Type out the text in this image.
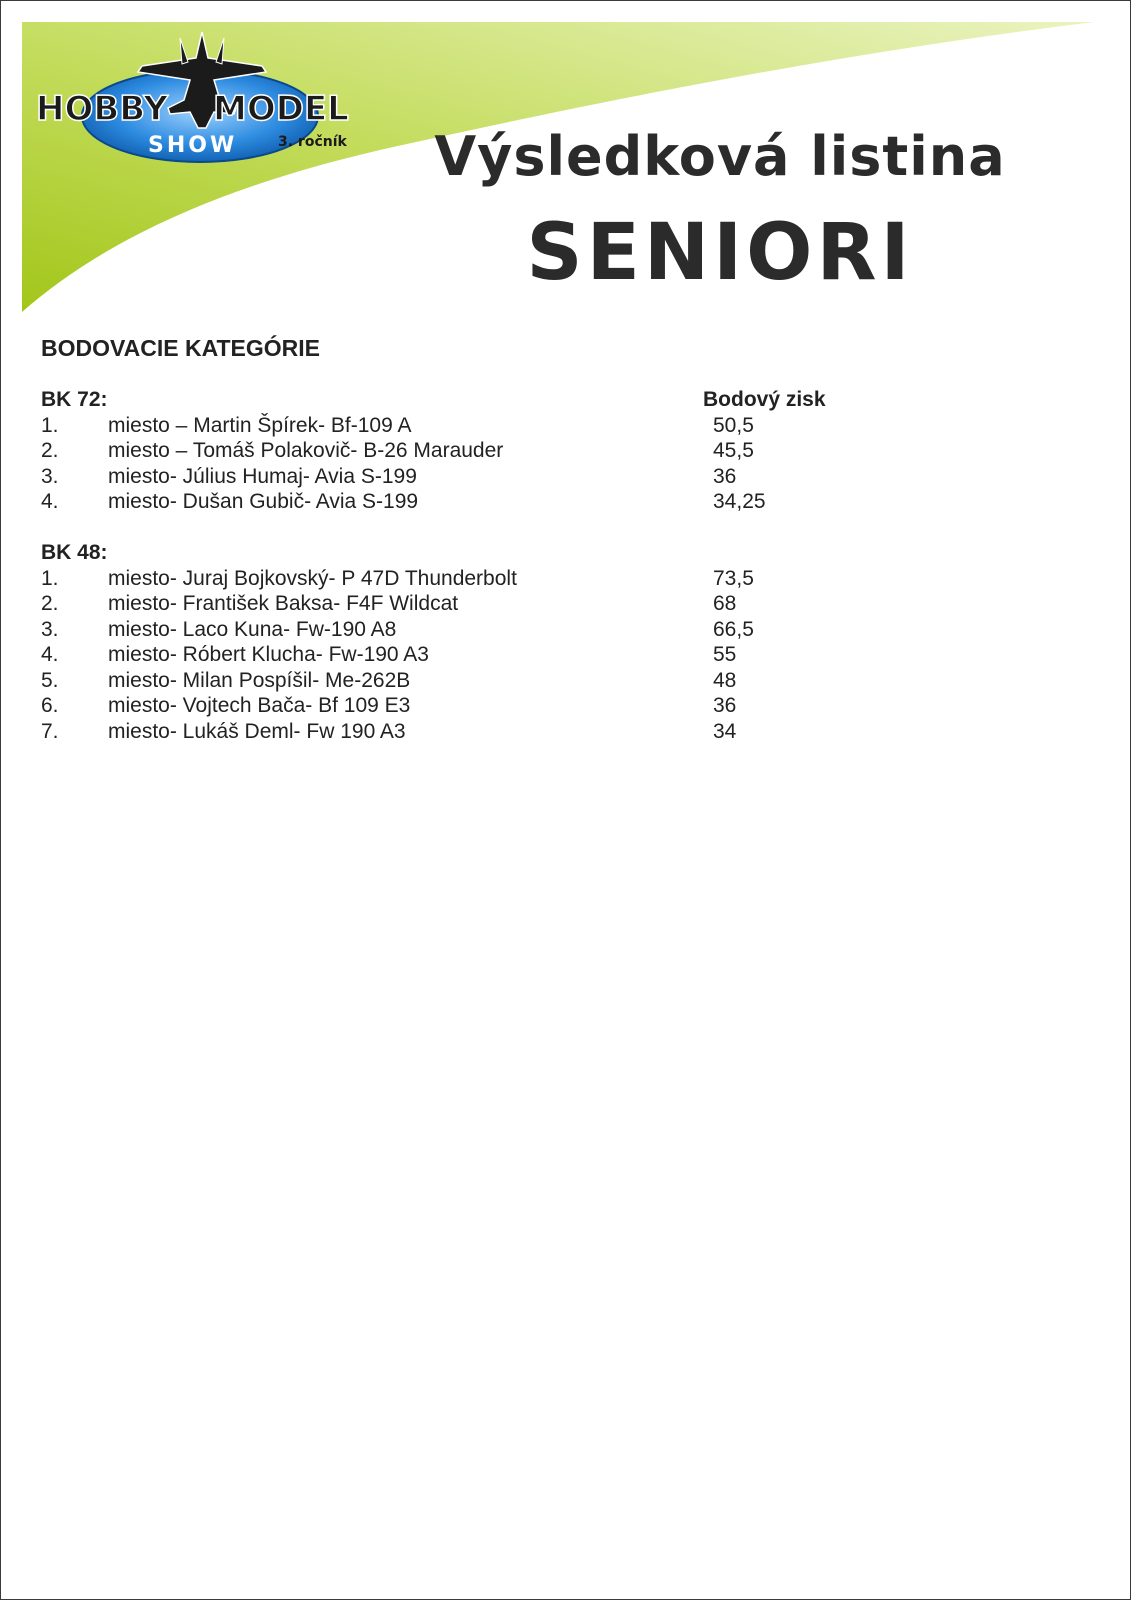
HOBBY MODEL
SHOW	3. ročník Výsledková listina
SENIORI
BODOVACIE KATEGÓRIE
BK 72:	Bodový zisk
1. miesto – Martin Špírek- Bf-109 A	50,5
2. miesto – Tomáš Polakovič- B-26 Marauder	45,5
3. miesto- Július Humaj- Avia S-199	36
4. miesto- Dušan Gubič- Avia S-199	34,25
BK 48:
1. miesto- Juraj Bojkovský- P 47D Thunderbolt	73,5
2. miesto- František Baksa- F4F Wildcat	68
3. miesto- Laco Kuna- Fw-190 A8	66,5
4. miesto- Róbert Klucha- Fw-190 A3	55
5. miesto- Milan Pospíšil- Me-262B	48
6. miesto- Vojtech Bača- Bf 109 E3	36
7. miesto- Lukáš Deml- Fw 190 A3	34
